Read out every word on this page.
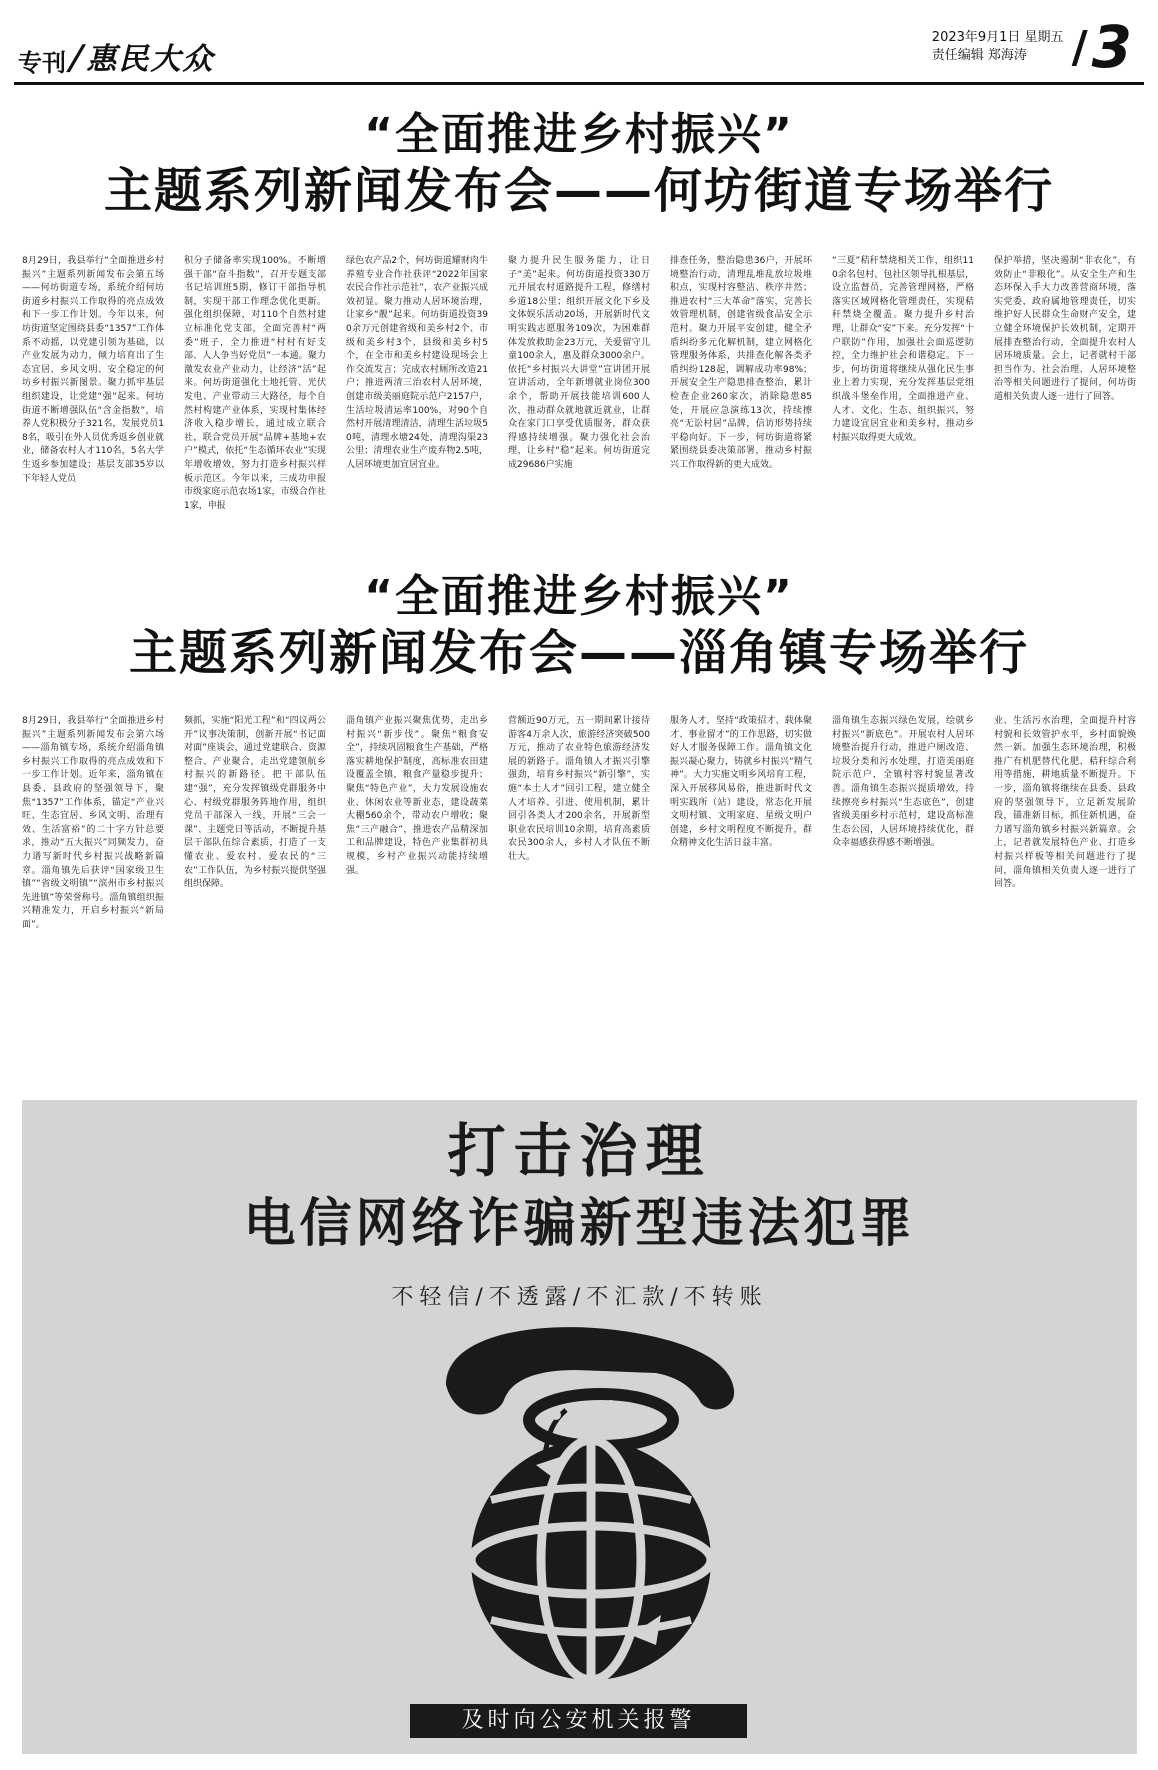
专刊
/
惠民大众
2023年9月1日 星期五
责任编辑 郑海涛	/ 3
“全面推进乡村振兴”
主题系列新闻发布会——何坊街道专场举行
8月29日，我县举行“全面推进乡村振兴”主题系列新闻发布会第五场——何坊街道专场，系统介绍何坊街道乡村振兴工作取得的亮点成效和下一步工作计划。今年以来，何坊街道坚定围绕县委“1357”工作体系不动摇，以党建引领为基础，以产业发展为动力，倾力培育出了生态宜居、乡风文明、安全稳定的何坊乡村振兴新图景。聚力抓牢基层组织建设，让党建“强”起来。何坊街道不断增强队伍“含金指数”，培养人党积极分子321名，发展党员18名，吸引在外人员优秀返乡创业就业，储备农村人才110名，5名大学生返乡参加建设；基层支部35岁以下年轻人党员
积分子储备率实现100%。不断增强干部“奋斗指数”，召开专题支部书记培训班5期，修订干部指导机制，实现干部工作理念优化更新。强化组织保障，对110个自然村建立标准化党支部，全面完善村“两委”班子，全力推进“村村有好支部、人人争当好党员”一本通。聚力激发农业产业动力，让经济“活”起来。何坊街道强化土地托管、光伏发电、产业带动三大路径，每个自然村构建产业体系，实现村集体经济收入稳步增长，通过成立联合社，联合党员开展“品牌+基地+农户”模式，依托“生态循环农业”实现年增收增效，努力打造乡村振兴样板示范区。今年以来，三成功申报市级家庭示范农场1家，市级合作社1家，申报
绿色农产品2个，何坊街道耀财肉牛养殖专业合作社获评“2022年国家农民合作社示范社”，农产业振兴成效初显。聚力推动人居环境治理，让家乡“靓”起来。何坊街道投资390余万元创建省级和美乡村2个、市级和美乡村3个、县级和美乡村5个，在全市和美乡村建设现场会上作交流发言；完成农村厕所改造21户；推进两清三治农村人居环境，创建市级美丽庭院示范户2157户，生活垃圾清运率100%，对90个自然村开展清理清洁，清理生活垃圾50吨，清理水塘24处，清理沟渠23公里；清理农业生产废弃物2.5吨，人居环境更加宜居宜业。
聚力提升民生服务能力，让日子“美”起来。何坊街道投资330万元开展农村道路提升工程，修缮村乡道18公里；组织开展文化下乡及文体娱乐活动20场，开展新时代文明实践志愿服务109次，为困难群体发放救助金23万元，关爱留守儿童100余人，惠及群众3000余户。依托“乡村振兴大讲堂”宣讲团开展宣讲活动，全年新增就业岗位300余个，帮助开展技能培训600人次，推动群众就地就近就业，让群众在家门口享受优质服务，群众获得感持续增强。聚力强化社会治理，让乡村“稳”起来。何坊街道完成29686户实施
排查任务，整治隐患36户，开展环境整治行动，清理乱堆乱放垃圾堆积点，实现村容整洁、秩序井然；推进农村“三大革命”落实，完善长效管理机制，创建省级食品安全示范村。聚力开展平安创建，健全矛盾纠纷多元化解机制，建立网格化管理服务体系，共排查化解各类矛盾纠纷128起，调解成功率98%；开展安全生产隐患排查整治，累计检查企业260家次，消除隐患85处，开展应急演练13次，持续擦亮“无讼村居”品牌，信访形势持续平稳向好。下一步，何坊街道将紧紧围绕县委决策部署，推动乡村振兴工作取得新的更大成效。
“三夏”秸秆禁烧相关工作，组织110余名包村、包社区领导扎根基层，设立监督员，完善管理网格，严格落实区域网格化管理责任，实现秸秆禁烧全覆盖。聚力提升乡村治理，让群众“安”下来。充分发挥“十户联防”作用，加强社会面巡逻防控，全力维护社会和谐稳定。下一步，何坊街道将继续从强化民生事业上着力实现，充分发挥基层党组织战斗堡垒作用，全面推进产业、人才、文化、生态、组织振兴，努力建设宜居宜业和美乡村，推动乡村振兴取得更大成效。
保护举措，坚决遏制“非农化”，有效防止“非粮化”。从安全生产和生态环保入手大力改善营商环境，落实党委、政府属地管理责任，切实维护好人民群众生命财产安全，建立健全环境保护长效机制，定期开展排查整治行动，全面提升农村人居环境质量。会上，记者就村干部担当作为、社会治理、人居环境整治等相关问题进行了提问，何坊街道相关负责人逐一进行了回答。
“全面推进乡村振兴”
主题系列新闻发布会——淄角镇专场举行
8月29日，我县举行“全面推进乡村振兴”主题系列新闻发布会第六场——淄角镇专场，系统介绍淄角镇乡村振兴工作取得的亮点成效和下一步工作计划。近年来，淄角镇在县委、县政府的坚强领导下，聚焦“1357”工作体系，锚定“产业兴旺、生态宜居、乡风文明、治理有效、生活富裕”的二十字方针总要求，推动“五大振兴”同频发力，奋力谱写新时代乡村振兴战略新篇章。淄角镇先后获评“国家级卫生镇”“省级文明镇”“滨州市乡村振兴先进镇”等荣誉称号。淄角镇组织振兴精准发力，开启乡村振兴“新局面”。
频抓，实施“阳光工程”和“四议两公开”议事决策制，创新开展“书记面对面”座谈会，通过党建联合、资源整合、产业聚合，走出党建领航乡村振兴的新路径。把干部队伍建“强”，充分发挥镇级党群服务中心、村级党群服务阵地作用，组织党员干部深入一线，开展“三会一课”、主题党日等活动，不断提升基层干部队伍综合素质，打造了一支懂农业、爱农村、爱农民的“三农”工作队伍，为乡村振兴提供坚强组织保障。
淄角镇产业振兴聚焦优势，走出乡村振兴“新步伐”。聚焦“粮食安全”，持续巩固粮食生产基础，严格落实耕地保护制度，高标准农田建设覆盖全镇，粮食产量稳步提升；聚焦“特色产业”，大力发展设施农业、休闲农业等新业态，建设蔬菜大棚560余个，带动农户增收；聚焦“三产融合”，推进农产品精深加工和品牌建设，特色产业集群初具规模，乡村产业振兴动能持续增强。
营额近90万元，五一期间累计接待游客4万余人次，旅游经济突破500万元，推动了农业特色旅游经济发展的新路子。淄角镇人才振兴引擎强劲，培育乡村振兴“新引擎”，实施“本土人才”回引工程，建立健全人才培养、引进、使用机制，累计回引各类人才200余名，开展新型职业农民培训10余期，培育高素质农民300余人，乡村人才队伍不断壮大。
服务人才，坚持“政策招才、载体聚才、事业留才”的工作思路，切实做好人才服务保障工作。淄角镇文化振兴凝心聚力，铸就乡村振兴“精气神”。大力实施文明乡风培育工程，深入开展移风易俗，推进新时代文明实践所（站）建设，常态化开展文明村镇、文明家庭、星级文明户创建，乡村文明程度不断提升，群众精神文化生活日益丰富。
淄角镇生态振兴绿色发展，绘就乡村振兴“新底色”。开展农村人居环境整治提升行动，推进户厕改造、垃圾分类和污水处理，打造美丽庭院示范户，全镇村容村貌显著改善。淄角镇生态振兴提质增效，持续擦亮乡村振兴“生态底色”，创建省级美丽乡村示范村，建设高标准生态公园，人居环境持续优化，群众幸福感获得感不断增强。
业、生活污水治理，全面提升村容村貌和长效管护水平，乡村面貌焕然一新。加强生态环境治理，积极推广有机肥替代化肥、秸秆综合利用等措施，耕地质量不断提升。下一步，淄角镇将继续在县委、县政府的坚强领导下，立足新发展阶段，锚准新目标，抓住新机遇，奋力谱写淄角镇乡村振兴新篇章。会上，记者就发展特色产业、打造乡村振兴样板等相关问题进行了提问，淄角镇相关负责人逐一进行了回答。
打击治理
电信网络诈骗新型违法犯罪
不轻信/不透露/不汇款/不转账
及时向公安机关报警
